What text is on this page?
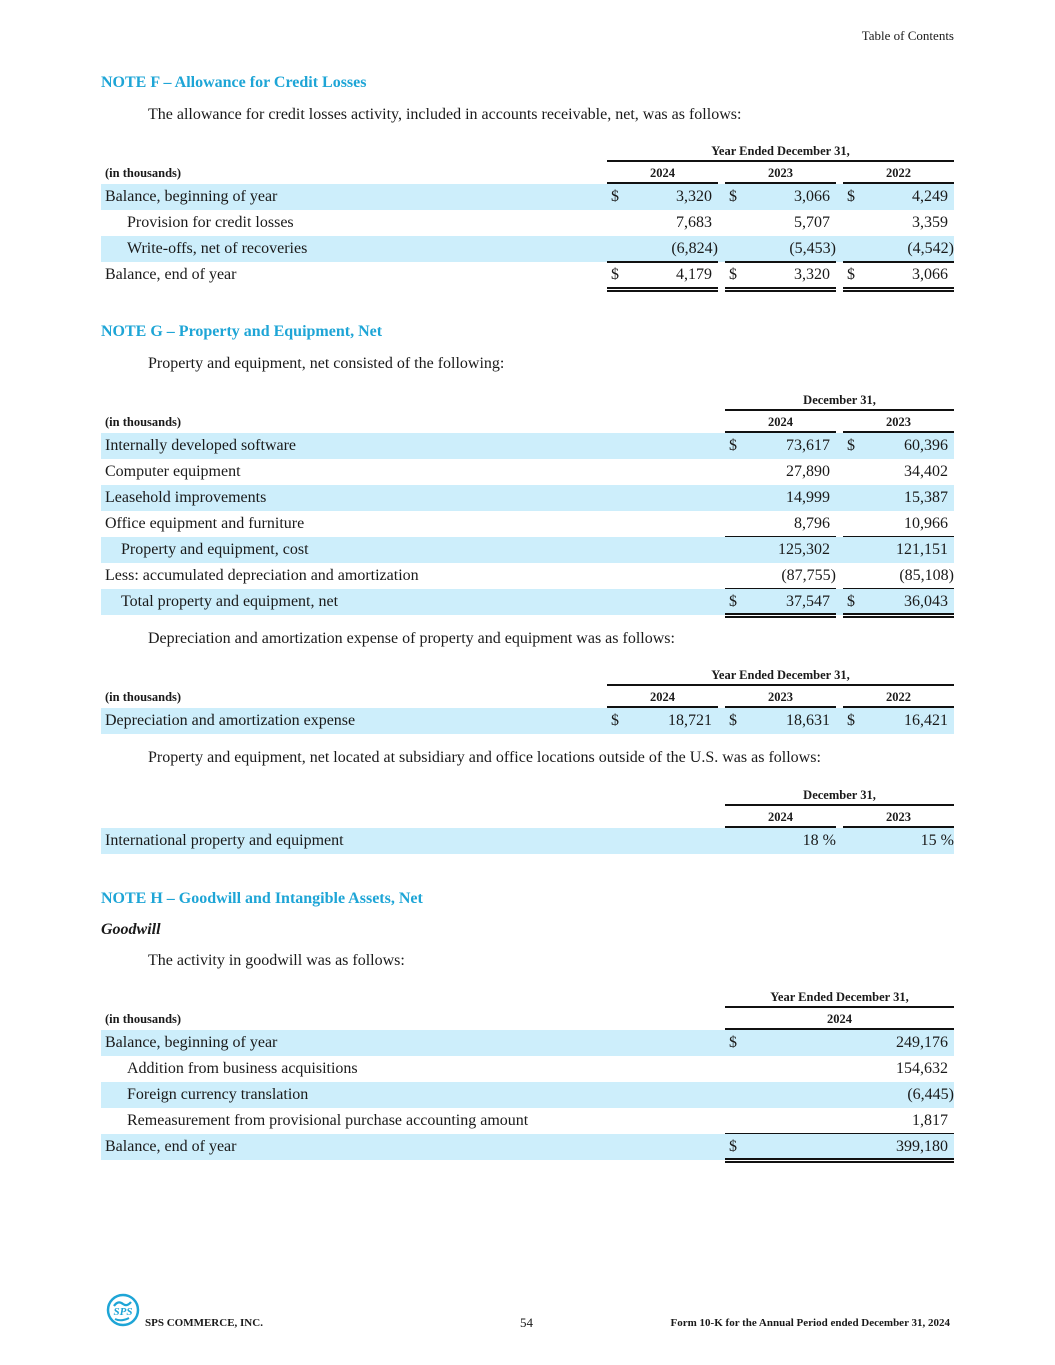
Table of Contents
NOTE F – Allowance for Credit Losses
The allowance for credit losses activity, included in accounts receivable, net, was as follows:
Year Ended December 31,
(in thousands)	2024	2023	2022
Balance, beginning of year	$	3,320 $	3,066 $	4,249
Provision for credit losses	7,683	5,707	3,359
Write-offs, net of recoveries	(6,824)	(5,453)	(4,542)
Balance, end of year	$	4,179 $	3,320 $	3,066
NOTE G – Property and Equipment, Net
Property and equipment, net consisted of the following:
December 31,
(in thousands)	2024	2023
Internally developed software	$	73,617 $	60,396
Computer equipment	27,890	34,402
Leasehold improvements	14,999	15,387
Office equipment and furniture	8,796	10,966
Property and equipment, cost	125,302	121,151
Less: accumulated depreciation and amortization	(87,755)	(85,108)
Total property and equipment, net	$	37,547 $	36,043
Depreciation and amortization expense of property and equipment was as follows:
Year Ended December 31,
(in thousands)	2024	2023	2022
Depreciation and amortization expense	$	18,721 $	18,631 $	16,421
Property and equipment, net located at subsidiary and office locations outside of the U.S. was as follows:
December 31,
2024	2023
International property and equipment	18 %	15 %
NOTE H – Goodwill and Intangible Assets, Net
Goodwill
The activity in goodwill was as follows:
Year Ended December 31,
(in thousands)	2024
Balance, beginning of year	$	249,176
Addition from business acquisitions	154,632
Foreign currency translation	(6,445)
Remeasurement from provisional purchase accounting amount	1,817
Balance, end of year	$	399,180
SPS
SPS COMMERCE, INC.	54	Form 10-K for the Annual Period ended December 31, 2024
